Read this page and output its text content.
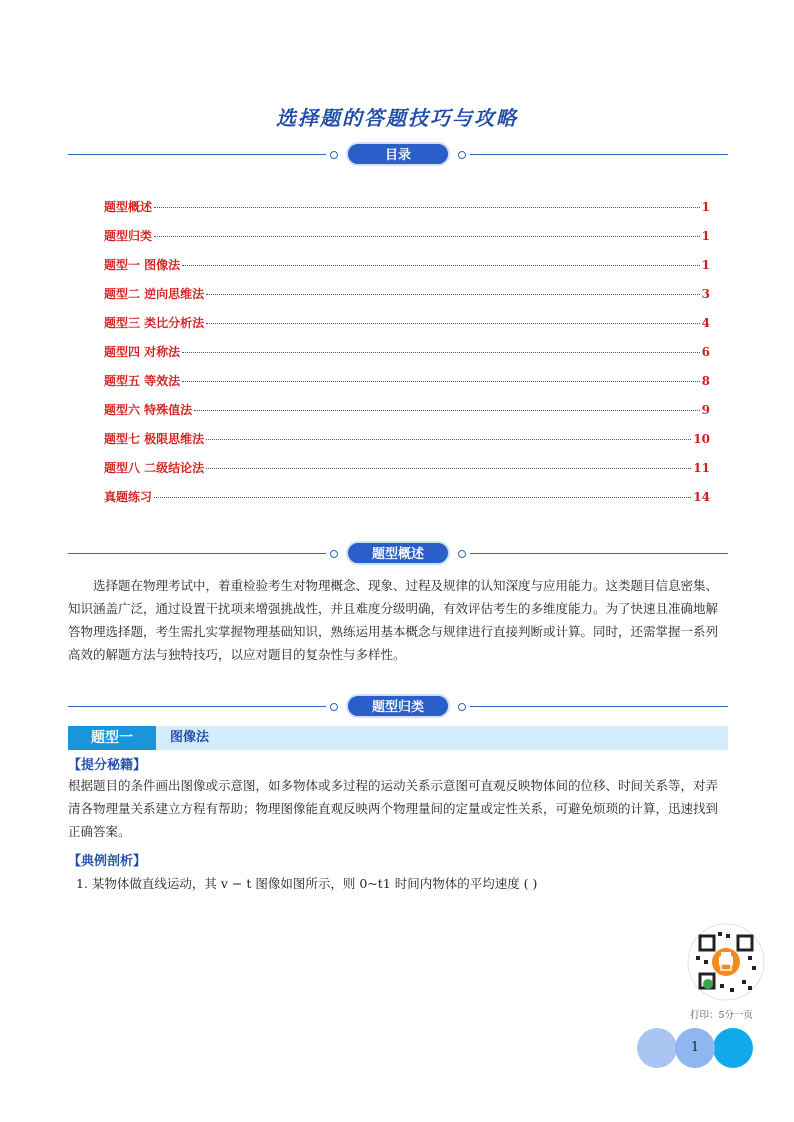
选择题的答题技巧与攻略
目录
题型概述	1
题型归类	1
题型一 图像法	1
题型二 逆向思维法	3
题型三 类比分析法	4
题型四 对称法	6
题型五 等效法	8
题型六 特殊值法	9
题型七 极限思维法	10
题型八 二级结论法	11
真题练习	14
题型概述
选择题在物理考试中，着重检验考生对物理概念、现象、过程及规律的认知深度与应用能力。这类题目信息密集、知识涵盖广泛，通过设置干扰项来增强挑战性，并且难度分级明确，有效评估考生的多维度能力。为了快速且准确地解答物理选择题，考生需扎实掌握物理基础知识，熟练运用基本概念与规律进行直接判断或计算。同时，还需掌握一系列高效的解题方法与独特技巧，以应对题目的复杂性与多样性。
题型归类
题型一	图像法
【提分秘籍】
根据题目的条件画出图像或示意图，如多物体或多过程的运动关系示意图可直观反映物体间的位移、时间关系等，对弄清各物理量关系建立方程有帮助；物理图像能直观反映两个物理量间的定量或定性关系，可避免烦琐的计算，迅速找到正确答案。
【典例剖析】
1. 某物体做直线运动，其 v − t 图像如图所示，则 0~t1 时间内物体的平均速度 ( )
打印：5分一页
1
